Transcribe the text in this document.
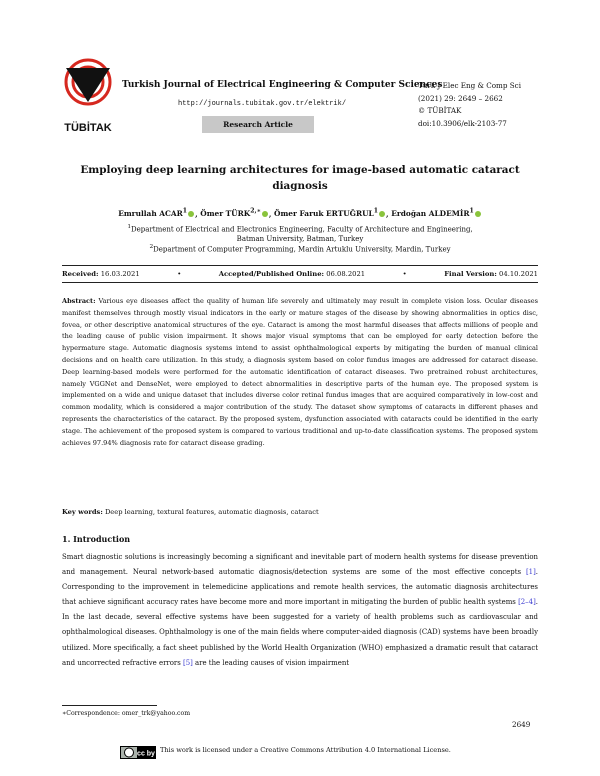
TÜBİTAK
Turkish Journal of Electrical Engineering & Computer Sciences
http://journals.tubitak.gov.tr/elektrik/
Research Article
Turk J Elec Eng & Comp Sci
(2021) 29: 2649 – 2662
© TÜBİTAK
doi:10.3906/elk-2103-77
Employing deep learning architectures for image-based automatic cataract diagnosis
Emrullah ACAR$^1$ , Ömer $TÜRK^{2,∗}$ , Ömer Faruk ERTUĞRUL$^1$ , Erdoğan ALDEMİR$^1$
$^1$Department of Electrical and Electronics Engineering, Faculty of Architecture and Engineering,
Batman University, Batman, Turkey
$^2$Department of Computer Programming, Mardin Artuklu University, Mardin, Turkey
Received: 16.03.2021	•	Accepted/Published Online: 06.08.2021	•	Final Version: 04.10.2021
Abstract: Various eye diseases affect the quality of human life severely and ultimately may result in complete vision loss. Ocular diseases manifest themselves through mostly visual indicators in the early or mature stages of the disease by showing abnormalities in optics disc, fovea, or other descriptive anatomical structures of the eye. Cataract is among the most harmful diseases that affects millions of people and the leading cause of public vision impairment. It shows major visual symptoms that can be employed for early detection before the hypermature stage. Automatic diagnosis systems intend to assist ophthalmological experts by mitigating the burden of manual clinical decisions and on health care utilization. In this study, a diagnosis system based on color fundus images are addressed for cataract disease. Deep learning-based models were performed for the automatic identification of cataract diseases. Two pretrained robust architectures, namely VGGNet and DenseNet, were employed to detect abnormalities in descriptive parts of the human eye. The proposed system is implemented on a wide and unique dataset that includes diverse color retinal fundus images that are acquired comparatively in low-cost and common modality, which is considered a major contribution of the study. The dataset show symptoms of cataracts in different phases and represents the characteristics of the cataract. By the proposed system, dysfunction associated with cataracts could be identified in the early stage. The achievement of the proposed system is compared to various traditional and up-to-date classification systems. The proposed system achieves 97.94% diagnosis rate for cataract disease grading.
Key words: Deep learning, textural features, automatic diagnosis, cataract
1. Introduction
Smart diagnostic solutions is increasingly becoming a significant and inevitable part of modern health systems for disease prevention and management. Neural network-based automatic diagnosis/detection systems are some of the most effective concepts [1]. Corresponding to the improvement in telemedicine applications and remote health services, the automatic diagnosis architectures that achieve significant accuracy rates have become more and more important in mitigating the burden of public health systems [2–4]. In the last decade, several effective systems have been suggested for a variety of health problems such as cardiovascular and ophthalmological diseases. Ophthalmology is one of the main fields where computer-aided diagnosis (CAD) systems have been broadly utilized. More specifically, a fact sheet published by the World Health Organization (WHO) emphasized a dramatic result that cataract and uncorrected refractive errors [5] are the leading causes of vision impairment
∗Correspondence: omer_trk@yahoo.com
2649
cc by This work is licensed under a Creative Commons Attribution 4.0 International License.
